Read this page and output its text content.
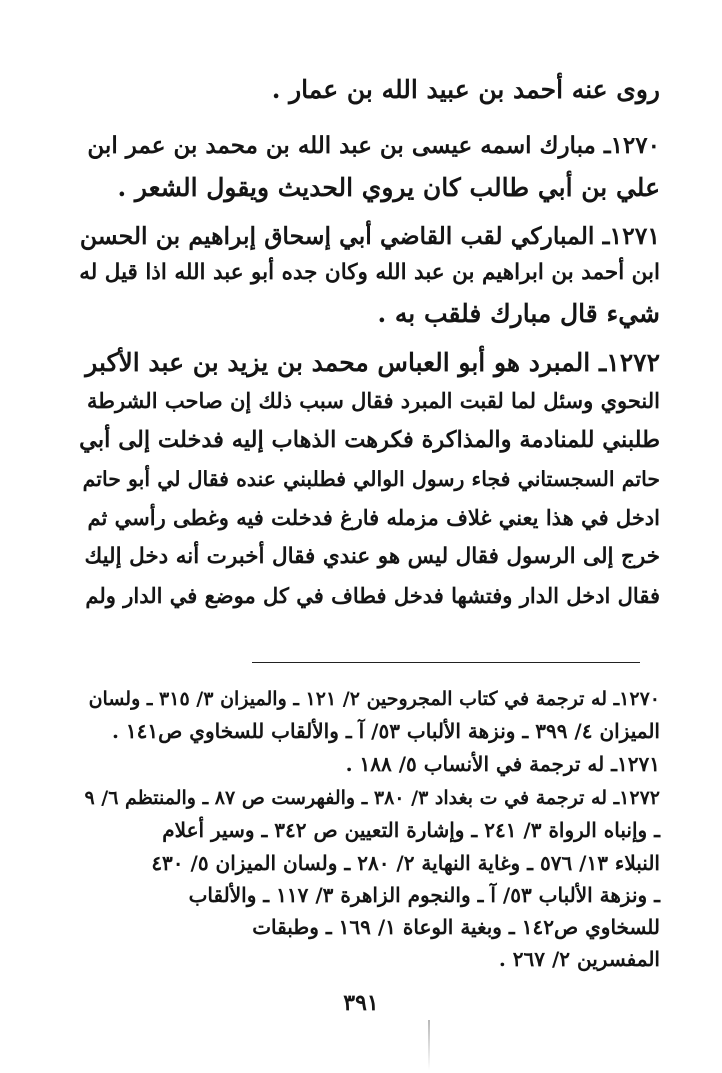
روى عنه أحمد بن عبيد الله بن عمار .
١٢٧٠ـ مبارك اسمه عيسى بن عبد الله بن محمد بن عمر ابن
علي بن أبي طالب كان يروي الحديث ويقول الشعر .
١٢٧١ـ المباركي لقب القاضي أبي إسحاق إبراهيم بن الحسن
ابن أحمد بن ابراهيم بن عبد الله وكان جده أبو عبد الله اذا قيل له
شيء قال مبارك فلقب به .
١٢٧٢ـ المبرد هو أبو العباس محمد بن يزيد بن عبد الأكبر
النحوي وسئل لما لقبت المبرد فقال سبب ذلك إن صاحب الشرطة
طلبني للمنادمة والمذاكرة فكرهت الذهاب إليه فدخلت إلى أبي
حاتم السجستاني فجاء رسول الوالي فطلبني عنده فقال لي أبو حاتم
ادخل في هذا يعني غلاف مزمله فارغ فدخلت فيه وغطى رأسي ثم
خرج إلى الرسول فقال ليس هو عندي فقال أخبرت أنه دخل إليك
فقال ادخل الدار وفتشها فدخل فطاف في كل موضع في الدار ولم
١٢٧٠ـ له ترجمة في كتاب المجروحين ٢/ ١٢١ ـ والميزان ٣/ ٣١٥ ـ ولسان
الميزان ٤/ ٣٩٩ ـ ونزهة الألباب ٥٣/ آ ـ والألقاب للسخاوي ص١٤١ .
١٢٧١ـ له ترجمة في الأنساب ٥/ ١٨٨ .
١٢٧٢ـ له ترجمة في ت بغداد ٣/ ٣٨٠ ـ والفهرست ص ٨٧ ـ والمنتظم ٦/ ٩
ـ وإنباه الرواة ٣/ ٢٤١ ـ وإشارة التعيين ص ٣٤٢ ـ وسير أعلام
النبلاء ١٣/ ٥٧٦ ـ وغاية النهاية ٢/ ٢٨٠ ـ ولسان الميزان ٥/ ٤٣٠
ـ ونزهة الألباب ٥٣/ آ ـ والنجوم الزاهرة ٣/ ١١٧ ـ والألقاب
للسخاوي ص١٤٢ ـ وبغية الوعاة ١/ ١٦٩ ـ وطبقات
المفسرين ٢/ ٢٦٧ .
٣٩١
